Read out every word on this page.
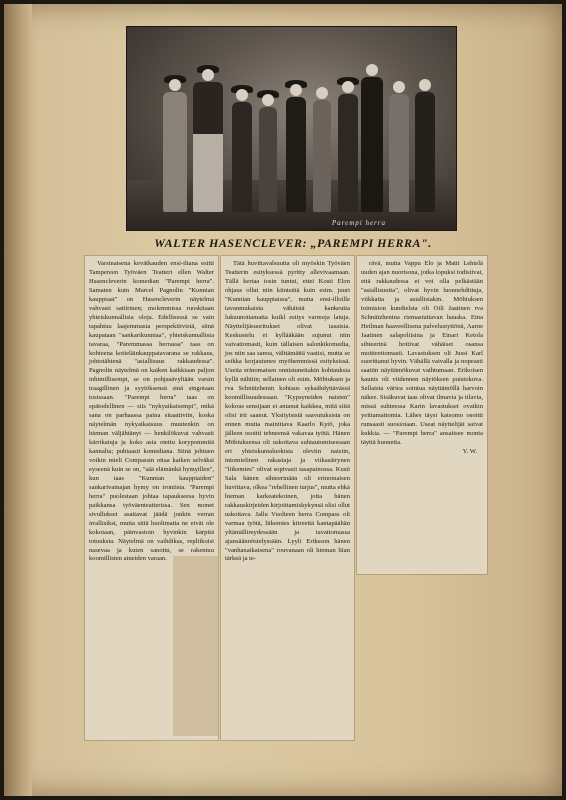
Parempi herra
WALTER HASENCLEVER: „PAREMPI HERRA".

Varsinaisena kevätkauden ensi-iltana esitti Tampereen Työväen Teatteri ellen Walter Hasencleverin komedian "Parempi herra". Samaten kuin Marcel Pagnolin "Kunnian kauppiaat" on Hasencleverin näytelmä vahvasti satiirinen; molemmissa ruoskitaan yhteiskunnallisia oloja. Edellisessä se vain tapahtuu laajemmasta perspektiivistä, siinä kaupataan "sankarikunniaa", yhteiskunnallista tavaraa, "Paremmassa herrassa" taas on kohteena kotieläinkauppatavarana se rakkaus, johtotähtenä "asiallisuus rakkaudessa". Pagnolin näytelmä on kaiken kaikkiaan paljon inhimillisempi, se on pohjasävyltään varsin traagillinen ja syytöksensä sinä singotaan tosissaan. "Parempi herra" taas on epätodellinen — siis "nykyaikaisempi", mikä sana on parhaassa paina sitaattiviin, koska näytelmän nykyaikaisuus muutenkin on hieman väljähtänyt — henkilökuvat vahvasti kärrikatuja ja koko asia otettu korypommitä kannalta; puhtaasti komediana. Siinä johtuen voikin mieli Compassin ottaa kaiken selväksi eyseenä kuin se on, "sää elämänkä hymyillen", kun taas "Kunnian kauppiaiden" sankarivainajan hymy on ironiista. "Parempi herra" puolestaan johtaa tapaukseesa hyvin paikkansa työväenteatterissa. Sen monet sivullukset asattavat jäädä jonkin verran irrallisiksi, mutta siitä huolimatta ne eivät ole kokotaan, päinvastoin hyvinkin kärpitä totuuksia. Näytelmä on vaihdikas, repliikoisi nasevaa ja kuten sanottu, se rakentuu koomillisten aineiden varaan.

Tätä huvittavalsuutta oli myöskin Työväen Teatterin esityksessä pyrittу allevivaamaan. Tällä kertaa tosin tuntui, ettei Kosti Elon ohjaus ollut niin kiinteätä kuin esim. juuri "Kunnian kauppiaissa", mutta ensi-illoille tavanmukaista vähäistä kankeutta lukuunottamatta kuikl esitys varmoja latuja. Näyttelijäsuoritukset olivat tasaisia. Keskustelu ei kyllääkään sujunut niin vaivattomasti, kuin tällaisen salonkikomedia, jos niin saa sanoa, välttämättä vaatisi, mutta se seikka korjautunee myöhemmissä esityksissä. Useita erinomaisen onnistuneitakin kohtauksia kyllä nähtiin; sellainen oli esim. Möbiuksen ja rva Schnützhenin kohtaus syksähdyttävässä koomillisuudessaan. "Kypsyneiden naisten" kokous sensijaan ei antanut kaikkea, mitä siitä olisi irti saanut. Yksityisistä saavutuksista on ennen muita mainittava Kaarlo Kytö, joka jälleen osoitti tehneensä vakavaa työtä. Hänen Möbiuksensa oli uskottava suhtautumisessaan eri yhteiskuntaluokista oleviin naisiin, intomielinen rakastaja ja viikasäirynen "liikemies" olivat sopivasti tasapainossa. Kusti Sala hänen sihteerinään oli erinomaisen huvittava, olkea "rehellinen turjus", mutta ehkä hieman karkeatekoinen, jotta hänen rakkauskirjeiden kirjoittamiskykynsä olisi ollut uskottava. Jallu Vuolteen herra Compass oli varmaa työtä, liikemies kiireettä kantapäähän yltämällireydessään ja tavattomassa ajansäännöstelyssään. Lyyli Eriksson hänen "vanhanaikaisena" rouvanaan oli hieman liian tärkeä ja te-

rävä, mutta Vappu Elo ja Matti Lehtelä uuden ajan nuorisona, jotka lopuksi todistivat, että rakkaudessa ei voi olla pelkästään "asiallisuutta", olivat hyvin luonnehdittuja, viikkaita ja asiallisiakin. Möbiuksen toimiston kundielsta oli Oili Jaatinen rva Schnützhenina riemastuttavan hauska. Eina Heilman haaveellisena palvelustyttönä, Aarne Jaatinen salapoliisina ja Einari Ketola sihteerinä hoitivat vähäiset osansa moitteettomasti. Lavastuksen oli Jussi Karl suorittanut hyvin. Vähällä vaivalla ja nopeasti saatiin näyttämökuvat vaihtumaan. Erikoisen kaunis oli viidennen näytöksen puistokuva. Sellaista väriea sointua näyttämöllä harvoin näkee. Sisäkuvat taas olivat ilmavia ja tilavia, missä suhteessa Karin lavastukset ovatkin yeittamattomia. Lähes täysi katsomo osoitti runsaasti suosiotaan. Useat näyttelijät saivat kukkia. — "Parempi herra" ansaitsee monta täyttä huonetta.

Y. W.
